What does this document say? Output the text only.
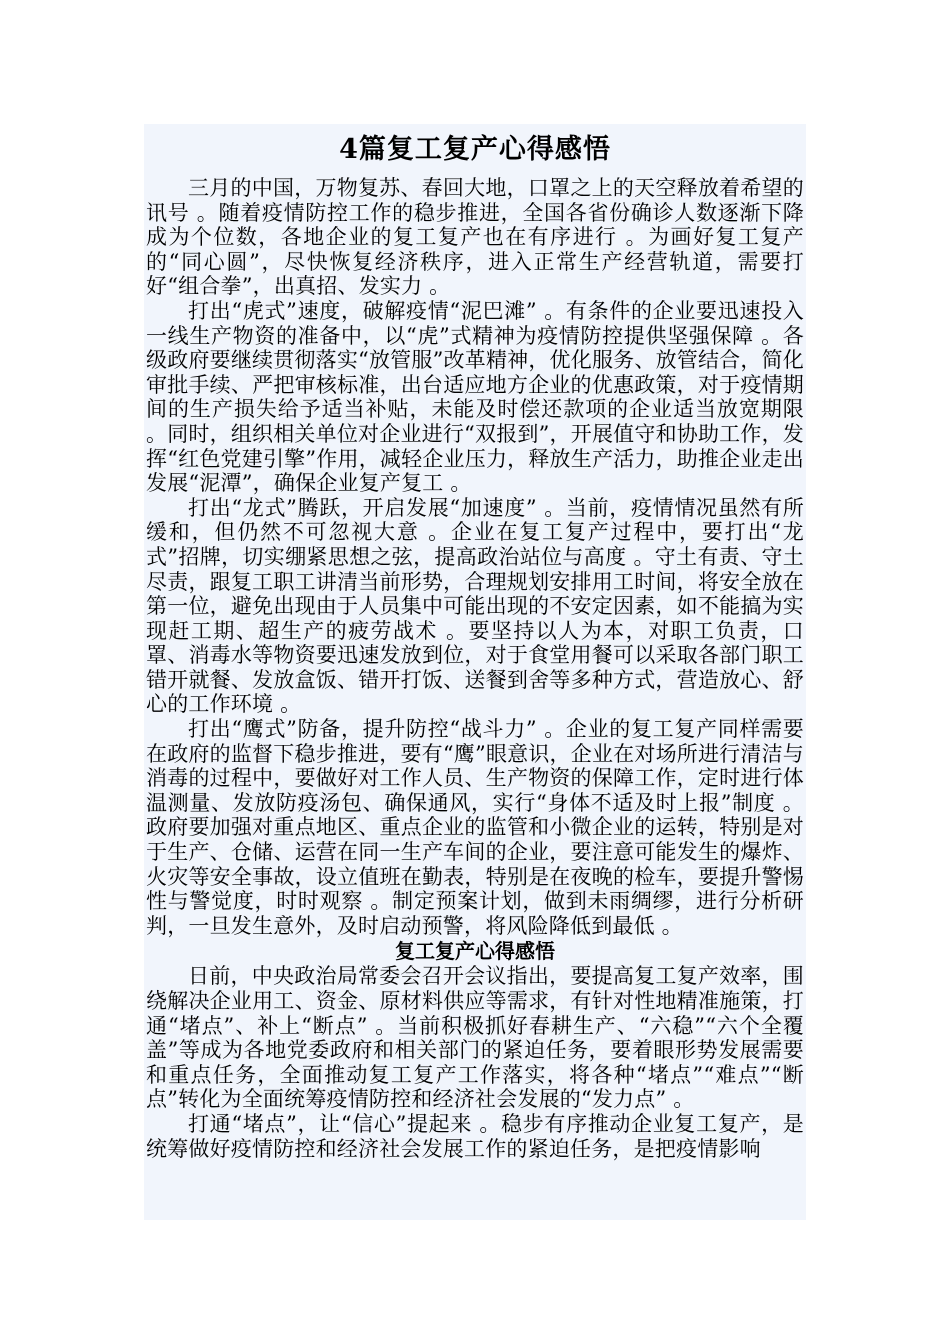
4篇复工复产心得感悟

三月的中国，万物复苏、春回大地，口罩之上的天空释放着希望的讯号 。随着疫情防控工作的稳步推进，全国各省份确诊人数逐渐下降成为个位数，各地企业的复工复产也在有序进行 。为画好复工复产的“同心圆”，尽快恢复经济秩序，进入正常生产经营轨道，需要打好“组合拳”，出真招、发实力 。

打出“虎式”速度，破解疫情“泥巴滩” 。有条件的企业要迅速投入一线生产物资的准备中，以“虎”式精神为疫情防控提供坚强保障 。各级政府要继续贯彻落实“放管服”改革精神，优化服务、放管结合，简化审批手续、严把审核标准，出台适应地方企业的优惠政策，对于疫情期间的生产损失给予适当补贴，未能及时偿还款项的企业适当放宽期限 。同时，组织相关单位对企业进行“双报到”，开展值守和协助工作，发挥“红色党建引擎”作用，减轻企业压力，释放生产活力，助推企业走出发展“泥潭”，确保企业复产复工 。

打出“龙式”腾跃，开启发展“加速度” 。当前，疫情情况虽然有所缓和，但仍然不可忽视大意 。企业在复工复产过程中，要打出“龙式”招牌，切实绷紧思想之弦，提高政治站位与高度 。守土有责、守土尽责，跟复工职工讲清当前形势，合理规划安排用工时间，将安全放在第一位，避免出现由于人员集中可能出现的不安定因素，如不能搞为实现赶工期、超生产的疲劳战术 。要坚持以人为本，对职工负责，口罩、消毒水等物资要迅速发放到位，对于食堂用餐可以采取各部门职工错开就餐、发放盒饭、错开打饭、送餐到舍等多种方式，营造放心、舒心的工作环境 。

打出“鹰式”防备，提升防控“战斗力” 。企业的复工复产同样需要在政府的监督下稳步推进，要有“鹰”眼意识，企业在对场所进行清洁与消毒的过程中，要做好对工作人员、生产物资的保障工作，定时进行体温测量、发放防疫汤包、确保通风，实行“身体不适及时上报”制度 。政府要加强对重点地区、重点企业的监管和小微企业的运转，特别是对于生产、仓储、运营在同一生产车间的企业，要注意可能发生的爆炸、火灾等安全事故，设立值班在勤表，特别是在夜晚的检车，要提升警惕性与警觉度，时时观察 。制定预案计划，做到未雨绸缪，进行分析研判，一旦发生意外，及时启动预警，将风险降低到最低 。

复工复产心得感悟

日前，中央政治局常委会召开会议指出，要提高复工复产效率，围绕解决企业用工、资金、原材料供应等需求，有针对性地精准施策，打通“堵点”、补上“断点” 。当前积极抓好春耕生产、“六稳”“六个全覆盖”等成为各地党委政府和相关部门的紧迫任务，要着眼形势发展需要和重点任务，全面推动复工复产工作落实，将各种“堵点”“难点”“断点”转化为全面统筹疫情防控和经济社会发展的“发力点” 。

打通“堵点”，让“信心”提起来 。稳步有序推动企业复工复产，是统筹做好疫情防控和经济社会发展工作的紧迫任务，是把疫情影响
